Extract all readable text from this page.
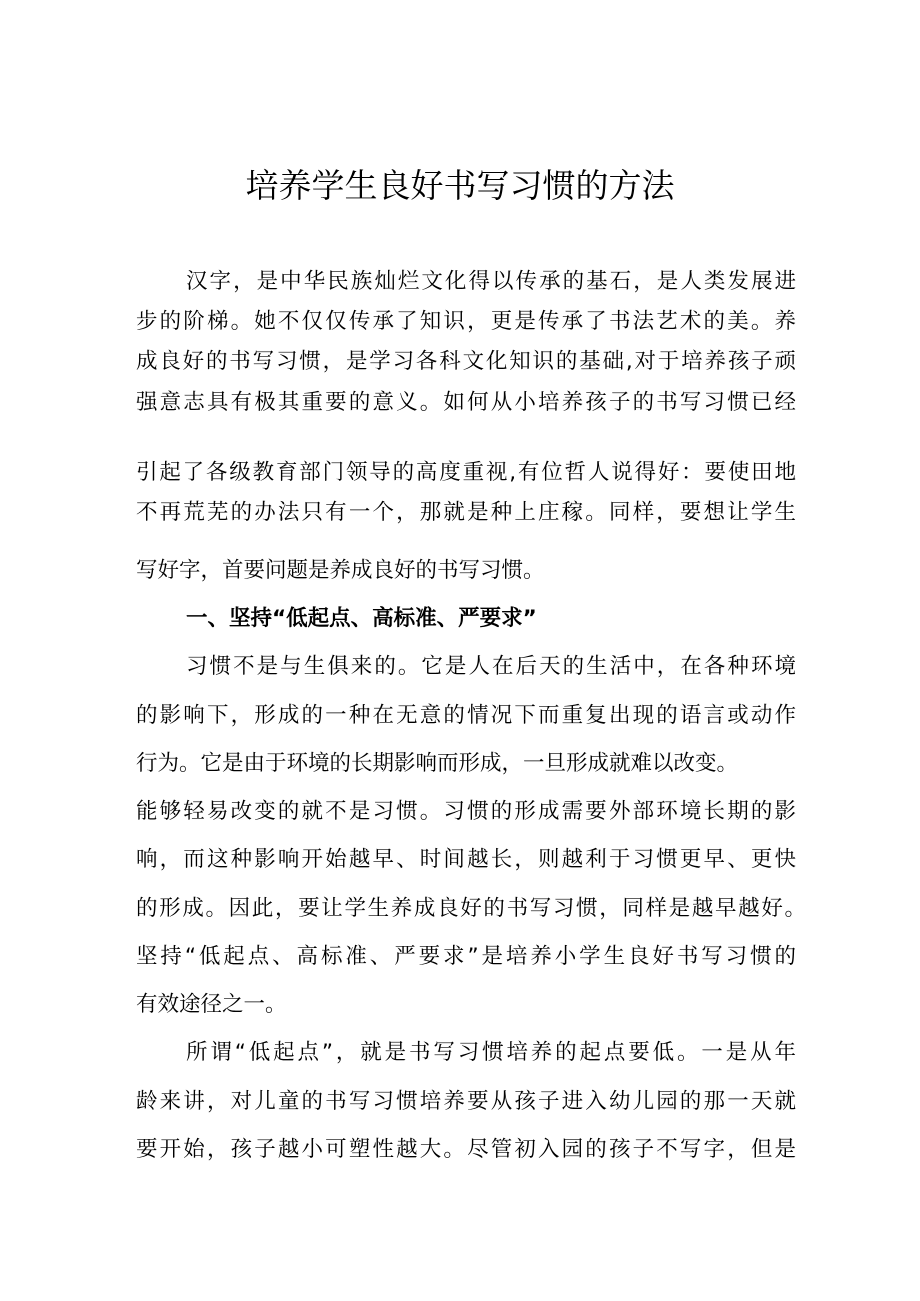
培养学生良好书写习惯的方法
汉字，是中华民族灿烂文化得以传承的基石，是人类发展进
步的阶梯。她不仅仅传承了知识，更是传承了书法艺术的美。养
成良好的书写习惯，是学习各科文化知识的基础,对于培养孩子顽
强意志具有极其重要的意义。如何从小培养孩子的书写习惯已经
引起了各级教育部门领导的高度重视,有位哲人说得好：要使田地
不再荒芜的办法只有一个，那就是种上庄稼。同样，要想让学生
写好字，首要问题是养成良好的书写习惯。
一、坚持“低起点、高标准、严要求”
习惯不是与生俱来的。它是人在后天的生活中，在各种环境
的影响下，形成的一种在无意的情况下而重复出现的语言或动作
行为。它是由于环境的长期影响而形成，一旦形成就难以改变。
能够轻易改变的就不是习惯。习惯的形成需要外部环境长期的影
响，而这种影响开始越早、时间越长，则越利于习惯更早、更快
的形成。因此，要让学生养成良好的书写习惯，同样是越早越好。
坚持“低起点、高标准、严要求”是培养小学生良好书写习惯的
有效途径之一。
所谓“低起点”，就是书写习惯培养的起点要低。一是从年
龄来讲，对儿童的书写习惯培养要从孩子进入幼儿园的那一天就
要开始，孩子越小可塑性越大。尽管初入园的孩子不写字，但是
